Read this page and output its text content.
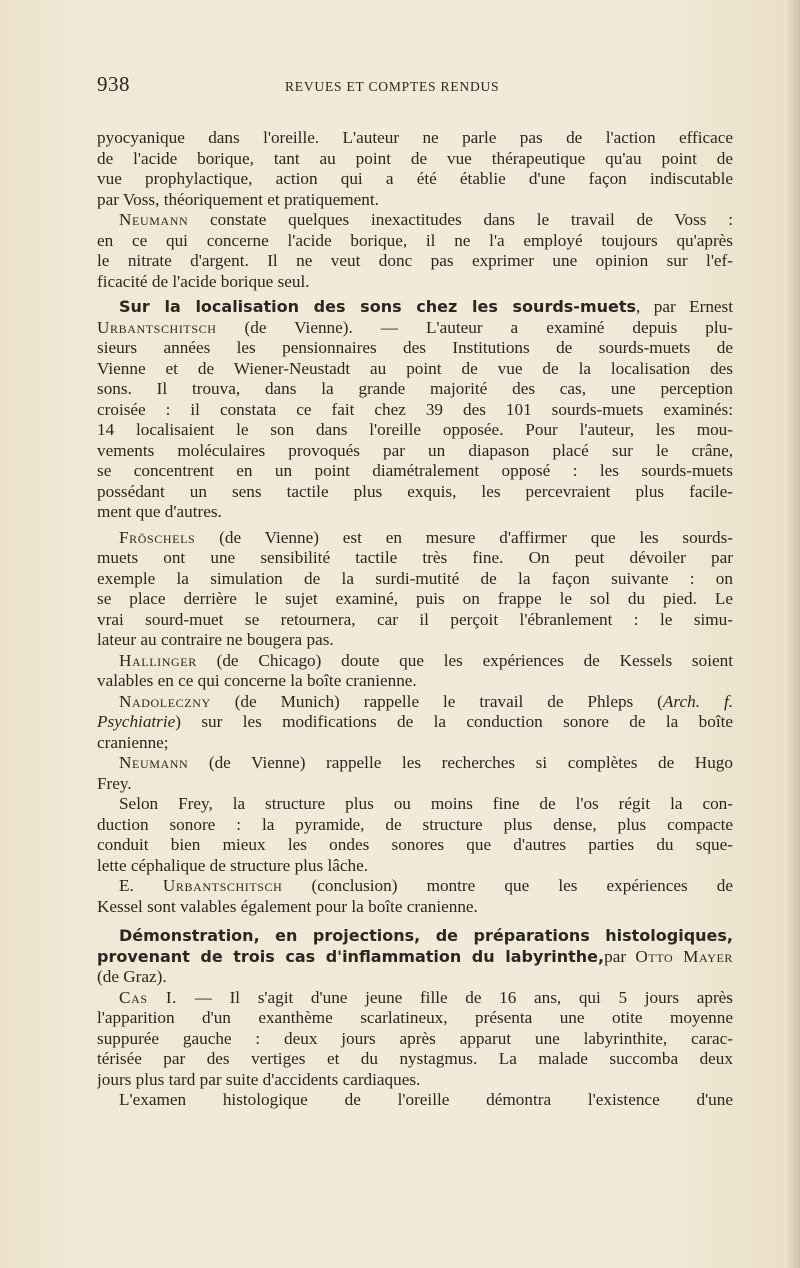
938	REVUES ET COMPTES RENDUS
pyocyanique dans l'oreille. L'auteur ne parle pas de l'action efficace
de l'acide borique, tant au point de vue thérapeutique qu'au point de
vue prophylactique, action qui a été établie d'une façon indiscutable
par Voss, théoriquement et pratiquement.
Neumann constate quelques inexactitudes dans le travail de Voss :
en ce qui concerne l'acide borique, il ne l'a employé toujours qu'après
le nitrate d'argent. Il ne veut donc pas exprimer une opinion sur l'ef-
ficacité de l'acide borique seul.
Sur la localisation des sons chez les sourds-muets, par Ernest
Urbantschitsch (de Vienne). — L'auteur a examiné depuis plu-
sieurs années les pensionnaires des Institutions de sourds-muets de
Vienne et de Wiener-Neustadt au point de vue de la localisation des
sons. Il trouva, dans la grande majorité des cas, une perception
croisée : il constata ce fait chez 39 des 101 sourds-muets examinés:
14 localisaient le son dans l'oreille opposée. Pour l'auteur, les mou-
vements moléculaires provoqués par un diapason placé sur le crâne,
se concentrent en un point diamétralement opposé : les sourds-muets
possédant un sens tactile plus exquis, les percevraient plus facile-
ment que d'autres.
Fröschels (de Vienne) est en mesure d'affirmer que les sourds-
muets ont une sensibilité tactile très fine. On peut dévoiler par
exemple la simulation de la surdi-mutité de la façon suivante : on
se place derrière le sujet examiné, puis on frappe le sol du pied. Le
vrai sourd-muet se retournera, car il perçoit l'ébranlement : le simu-
lateur au contraire ne bougera pas.
Hallinger (de Chicago) doute que les expériences de Kessels soient
valables en ce qui concerne la boîte cranienne.
Nadoleczny (de Munich) rappelle le travail de Phleps (Arch. f.
Psychiatrie) sur les modifications de la conduction sonore de la boîte
cranienne;
Neumann (de Vienne) rappelle les recherches si complètes de Hugo
Frey.
Selon Frey, la structure plus ou moins fine de l'os régit la con-
duction sonore : la pyramide, de structure plus dense, plus compacte
conduit bien mieux les ondes sonores que d'autres parties du sque-
lette céphalique de structure plus lâche.
E. Urbantschitsch (conclusion) montre que les expériences de
Kessel sont valables également pour la boîte cranienne.
Démonstration, en projections, de préparations histologiques,
provenant de trois cas d'inflammation du labyrinthe,par Otto Mayer
(de Graz).
Cas I. — Il s'agit d'une jeune fille de 16 ans, qui 5 jours après
l'apparition d'un exanthème scarlatineux, présenta une otite moyenne
suppurée gauche : deux jours après apparut une labyrinthite, carac-
térisée par des vertiges et du nystagmus. La malade succomba deux
jours plus tard par suite d'accidents cardiaques.
L'examen histologique de l'oreille démontra l'existence d'une
